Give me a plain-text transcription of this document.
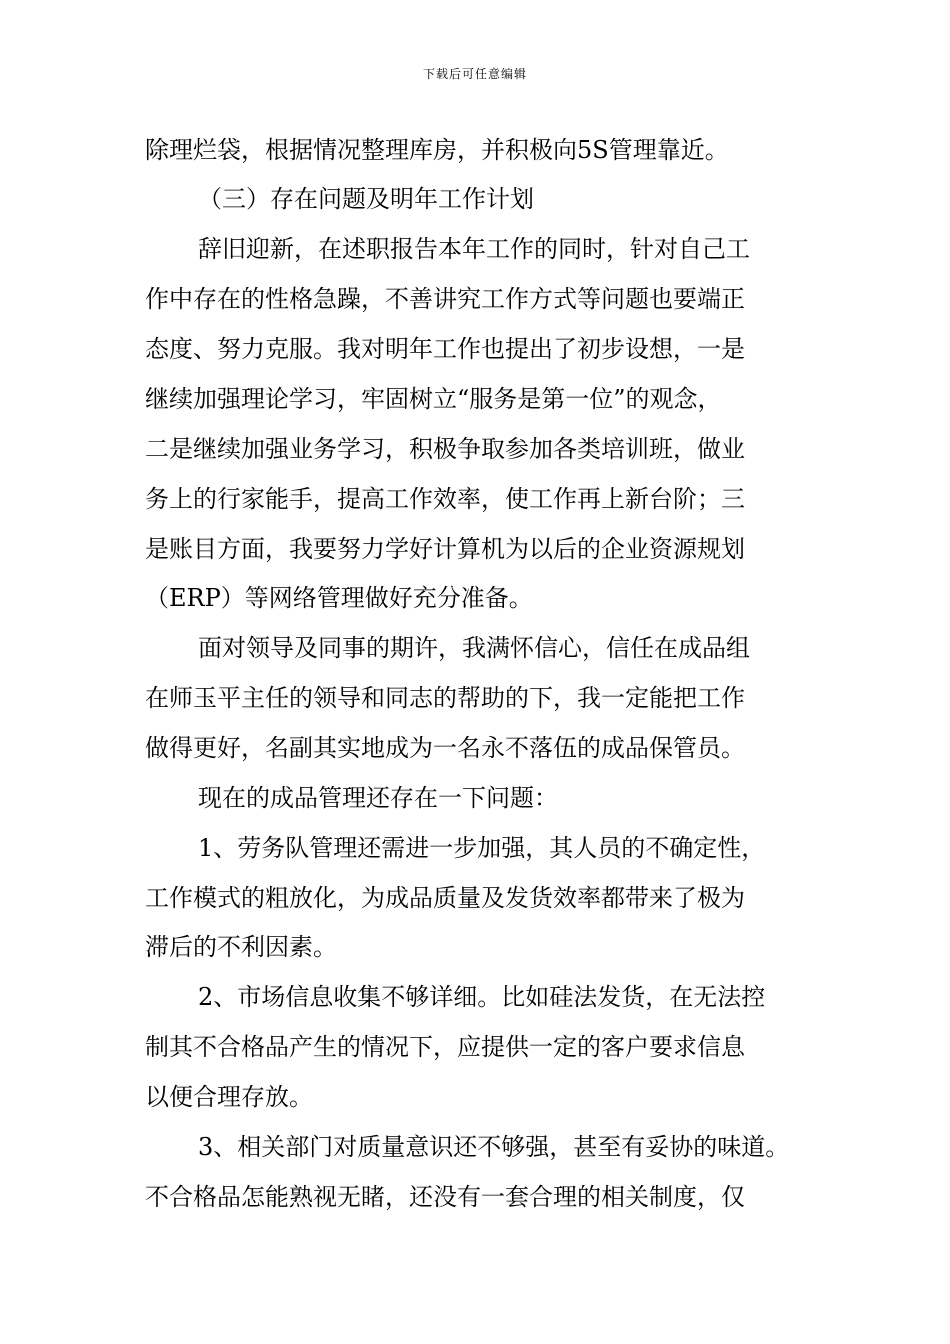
下载后可任意编辑
除理烂袋，根据情况整理库房，并积极向5S管理靠近。
（三）存在问题及明年工作计划
辞旧迎新，在述职报告本年工作的同时，针对自己工
作中存在的性格急躁，不善讲究工作方式等问题也要端正
态度、努力克服。我对明年工作也提出了初步设想，一是
继续加强理论学习，牢固树立“服务是第一位”的观念，
二是继续加强业务学习，积极争取参加各类培训班，做业
务上的行家能手，提高工作效率，使工作再上新台阶；三
是账目方面，我要努力学好计算机为以后的企业资源规划
（ERP）等网络管理做好充分准备。
面对领导及同事的期许，我满怀信心，信任在成品组
在师玉平主任的领导和同志的帮助的下，我一定能把工作
做得更好，名副其实地成为一名永不落伍的成品保管员。
现在的成品管理还存在一下问题：
1、劳务队管理还需进一步加强，其人员的不确定性，
工作模式的粗放化，为成品质量及发货效率都带来了极为
滞后的不利因素。
2、市场信息收集不够详细。比如硅法发货，在无法控
制其不合格品产生的情况下，应提供一定的客户要求信息
以便合理存放。
3、相关部门对质量意识还不够强，甚至有妥协的味道。
不合格品怎能熟视无睹，还没有一套合理的相关制度，仅
